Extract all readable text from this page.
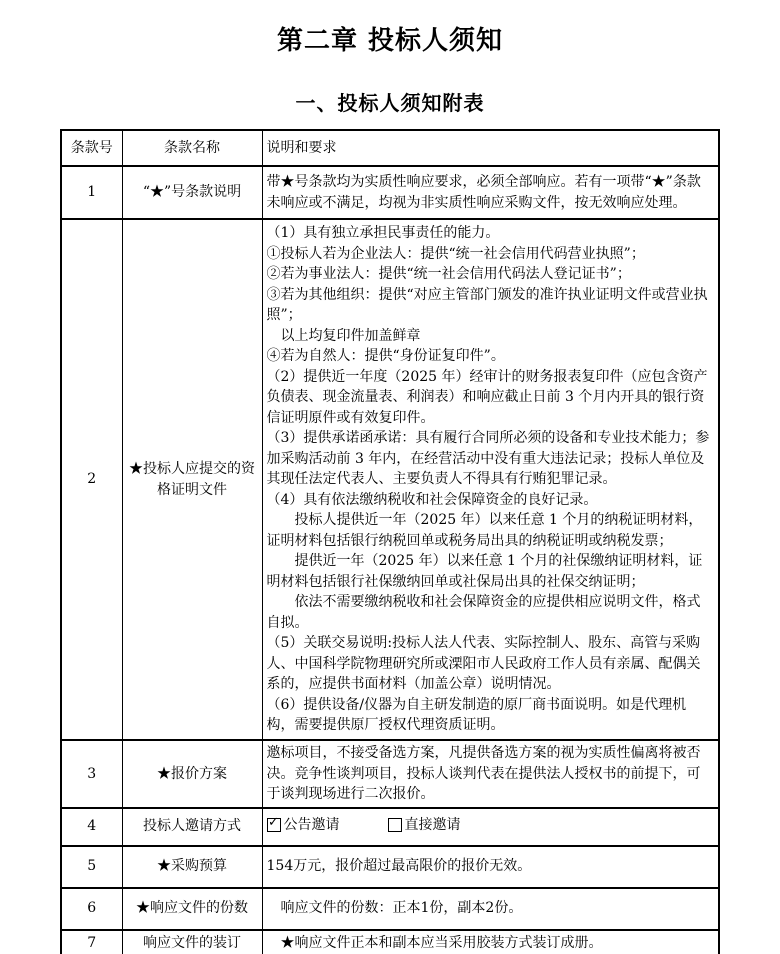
第二章 投标人须知
一、投标人须知附表
条款号	条款名称	说明和要求
1	“★”号条款说明	带★号条款均为实质性响应要求，必须全部响应。若有一项带“★”条款未响应或不满足，均视为非实质性响应采购文件，按无效响应处理。

2	★投标人应提交的资格证明文件	
（1）具有独立承担民事责任的能力。
①投标人若为企业法人：提供“统一社会信用代码营业执照”；
②若为事业法人：提供“统一社会信用代码法人登记证书”；
③若为其他组织：提供“对应主管部门颁发的准许执业证明文件或营业执照”；
　以上均复印件加盖鲜章
④若为自然人：提供“身份证复印件”。
（2）提供近一年度（2025 年）经审计的财务报表复印件（应包含资产负债表、现金流量表、利润表）和响应截止日前 3 个月内开具的银行资信证明原件或有效复印件。
（3）提供承诺函承诺：具有履行合同所必须的设备和专业技术能力；参加采购活动前 3 年内，在经营活动中没有重大违法记录；投标人单位及其现任法定代表人、主要负责人不得具有行贿犯罪记录。
（4）具有依法缴纳税收和社会保障资金的良好记录。
　　投标人提供近一年（2025 年）以来任意 1 个月的纳税证明材料，证明材料包括银行纳税回单或税务局出具的纳税证明或纳税发票；
　　提供近一年（2025 年）以来任意 1 个月的社保缴纳证明材料，证明材料包括银行社保缴纳回单或社保局出具的社保交纳证明；
　　依法不需要缴纳税收和社会保障资金的应提供相应说明文件，格式自拟。
（5）关联交易说明:投标人法人代表、实际控制人、股东、高管与采购人、中国科学院物理研究所或溧阳市人民政府工作人员有亲属、配偶关系的，应提供书面材料（加盖公章）说明情况。
（6）提供设备/仪器为自主研发制造的原厂商书面说明。如是代理机构，需要提供原厂授权代理资质证明。

3	★报价方案	邀标项目，不接受备选方案，凡提供备选方案的视为实质性偏离将被否决。竞争性谈判项目，投标人谈判代表在提供法人授权书的前提下，可于谈判现场进行二次报价。

4	投标人邀请方式	
✓公告邀请 直接邀请

5	★采购预算	154万元，报价超过最高限价的报价无效。

6	★响应文件的份数	　响应文件的份数：正本1份，副本2份。

7	响应文件的装订	　★响应文件正本和副本应当采用胶装方式装订成册。
